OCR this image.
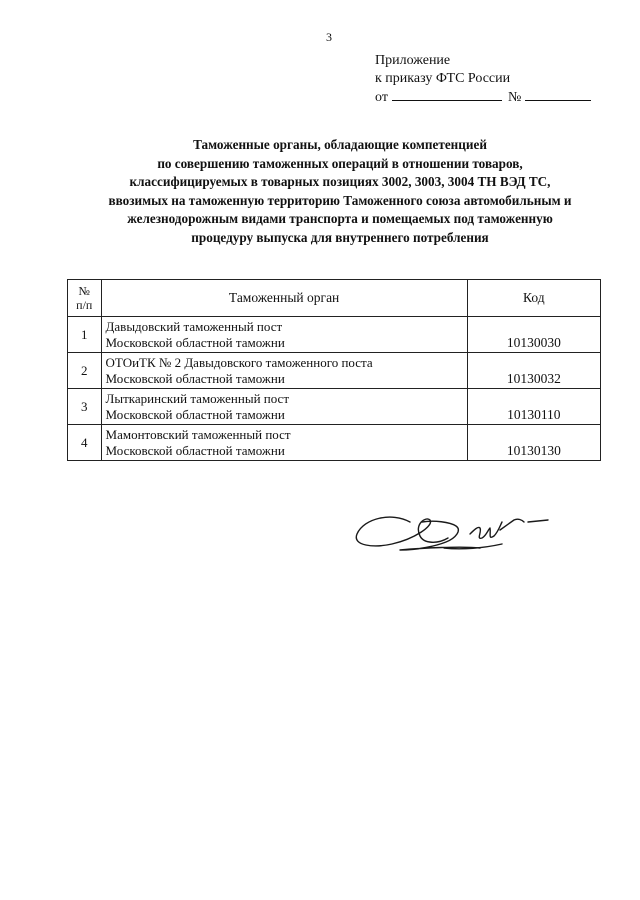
3
Приложение
к приказу ФТС России
от	№
Таможенные органы, обладающие компетенцией
по совершению таможенных операций в отношении товаров,
классифицируемых в товарных позициях 3002, 3003, 3004 ТН ВЭД ТС,
ввозимых на таможенную территорию Таможенного союза автомобильным и
железнодорожным видами транспорта и помещаемых под таможенную
процедуру выпуска для внутреннего потребления
№
п/п	Таможенный орган	Код
1	Давыдовский таможенный пост
Московской областной таможни	10130030
2	ОТОиТК № 2 Давыдовского таможенного поста
Московской областной таможни	10130032
3	Лыткаринский таможенный пост
Московской областной таможни	10130110
4	Мамонтовский таможенный пост
Московской областной таможни	10130130
